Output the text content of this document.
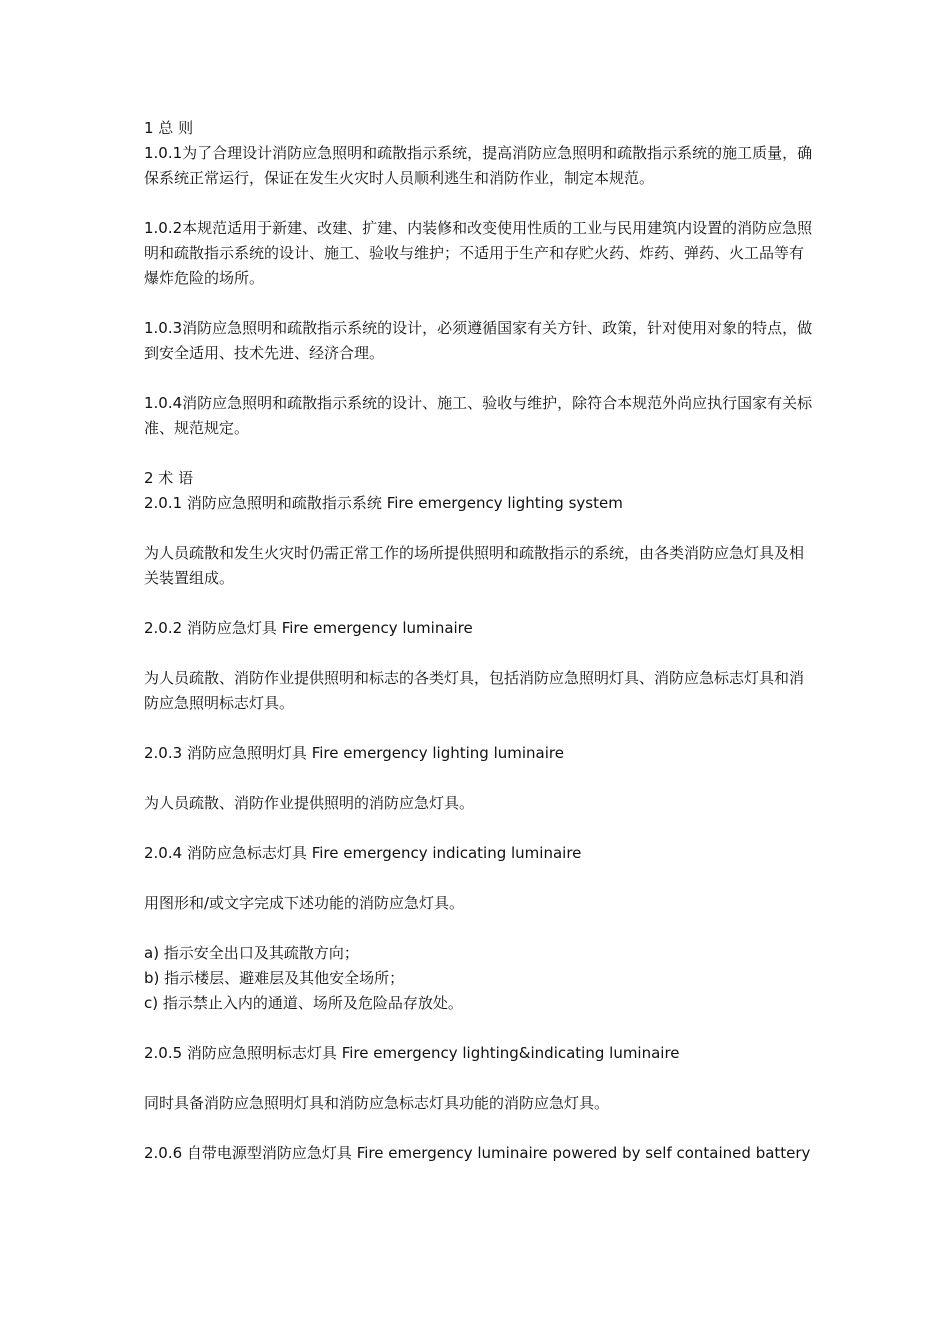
1 总 则
1.0.1为了合理设计消防应急照明和疏散指示系统，提高消防应急照明和疏散指示系统的施工质量，确保系统正常运行，保证在发生火灾时人员顺利逃生和消防作业，制定本规范。
1.0.2本规范适用于新建、改建、扩建、内装修和改变使用性质的工业与民用建筑内设置的消防应急照明和疏散指示系统的设计、施工、验收与维护；不适用于生产和存贮火药、炸药、弹药、火工品等有爆炸危险的场所。
1.0.3消防应急照明和疏散指示系统的设计，必须遵循国家有关方针、政策，针对使用对象的特点，做到安全适用、技术先进、经济合理。
1.0.4消防应急照明和疏散指示系统的设计、施工、验收与维护，除符合本规范外尚应执行国家有关标准、规范规定。
2 术 语
2.0.1 消防应急照明和疏散指示系统 Fire emergency lighting system
为人员疏散和发生火灾时仍需正常工作的场所提供照明和疏散指示的系统，由各类消防应急灯具及相关装置组成。
2.0.2 消防应急灯具 Fire emergency luminaire
为人员疏散、消防作业提供照明和标志的各类灯具，包括消防应急照明灯具、消防应急标志灯具和消防应急照明标志灯具。
2.0.3 消防应急照明灯具 Fire emergency lighting luminaire
为人员疏散、消防作业提供照明的消防应急灯具。
2.0.4 消防应急标志灯具 Fire emergency indicating luminaire
用图形和/或文字完成下述功能的消防应急灯具。
a) 指示安全出口及其疏散方向；
b) 指示楼层、避难层及其他安全场所；
c) 指示禁止入内的通道、场所及危险品存放处。
2.0.5 消防应急照明标志灯具 Fire emergency lighting&indicating luminaire
同时具备消防应急照明灯具和消防应急标志灯具功能的消防应急灯具。
2.0.6 自带电源型消防应急灯具 Fire emergency luminaire powered by self contained battery
